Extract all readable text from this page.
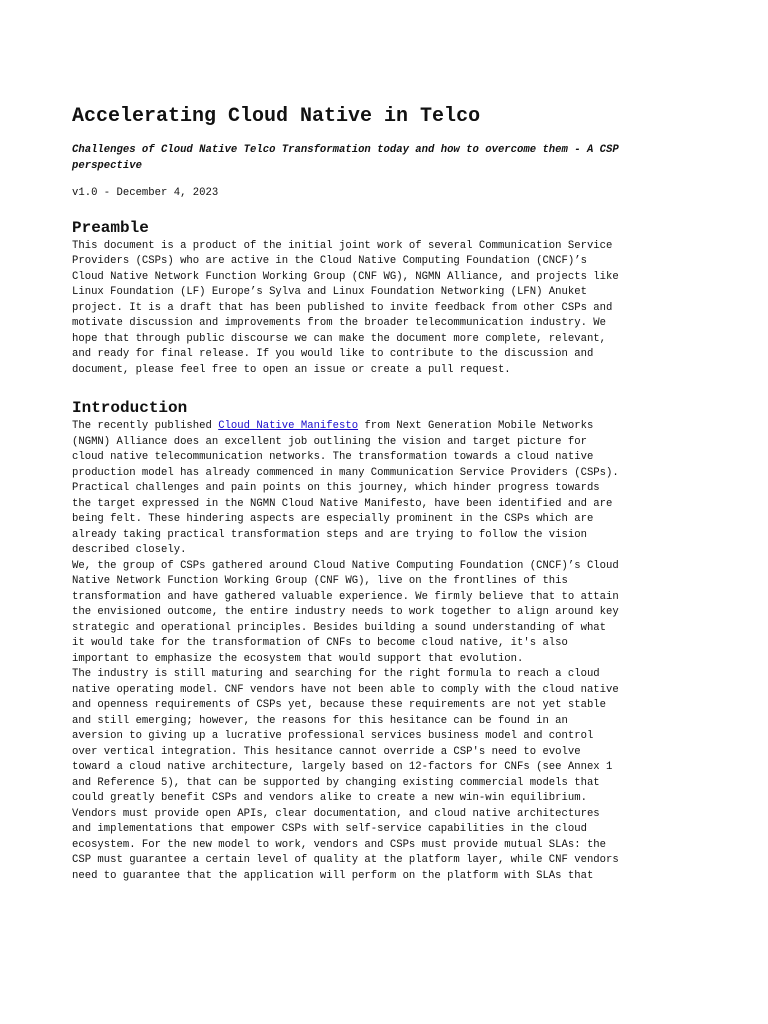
Accelerating Cloud Native in Telco

Challenges of Cloud Native Telco Transformation today and how to overcome them - A CSP
perspective

v1.0 - December 4, 2023

Preamble

This document is a product of the initial joint work of several Communication Service
Providers (CSPs) who are active in the Cloud Native Computing Foundation (CNCF)’s
Cloud Native Network Function Working Group (CNF WG), NGMN Alliance, and projects like
Linux Foundation (LF) Europe’s Sylva and Linux Foundation Networking (LFN) Anuket
project. It is a draft that has been published to invite feedback from other CSPs and
motivate discussion and improvements from the broader telecommunication industry. We
hope that through public discourse we can make the document more complete, relevant,
and ready for final release. If you would like to contribute to the discussion and
document, please feel free to open an issue or create a pull request.

Introduction

The recently published Cloud Native Manifesto from Next Generation Mobile Networks
(NGMN) Alliance does an excellent job outlining the vision and target picture for
cloud native telecommunication networks. The transformation towards a cloud native
production model has already commenced in many Communication Service Providers (CSPs).
Practical challenges and pain points on this journey, which hinder progress towards
the target expressed in the NGMN Cloud Native Manifesto, have been identified and are
being felt. These hindering aspects are especially prominent in the CSPs which are
already taking practical transformation steps and are trying to follow the vision
described closely.

We, the group of CSPs gathered around Cloud Native Computing Foundation (CNCF)’s Cloud
Native Network Function Working Group (CNF WG), live on the frontlines of this
transformation and have gathered valuable experience. We firmly believe that to attain
the envisioned outcome, the entire industry needs to work together to align around key
strategic and operational principles. Besides building a sound understanding of what
it would take for the transformation of CNFs to become cloud native, it's also
important to emphasize the ecosystem that would support that evolution.

The industry is still maturing and searching for the right formula to reach a cloud
native operating model. CNF vendors have not been able to comply with the cloud native
and openness requirements of CSPs yet, because these requirements are not yet stable
and still emerging; however, the reasons for this hesitance can be found in an
aversion to giving up a lucrative professional services business model and control
over vertical integration. This hesitance cannot override a CSP's need to evolve
toward a cloud native architecture, largely based on 12-factors for CNFs (see Annex 1
and Reference 5), that can be supported by changing existing commercial models that
could greatly benefit CSPs and vendors alike to create a new win-win equilibrium.
Vendors must provide open APIs, clear documentation, and cloud native architectures
and implementations that empower CSPs with self-service capabilities in the cloud
ecosystem. For the new model to work, vendors and CSPs must provide mutual SLAs: the
CSP must guarantee a certain level of quality at the platform layer, while CNF vendors
need to guarantee that the application will perform on the platform with SLAs that
